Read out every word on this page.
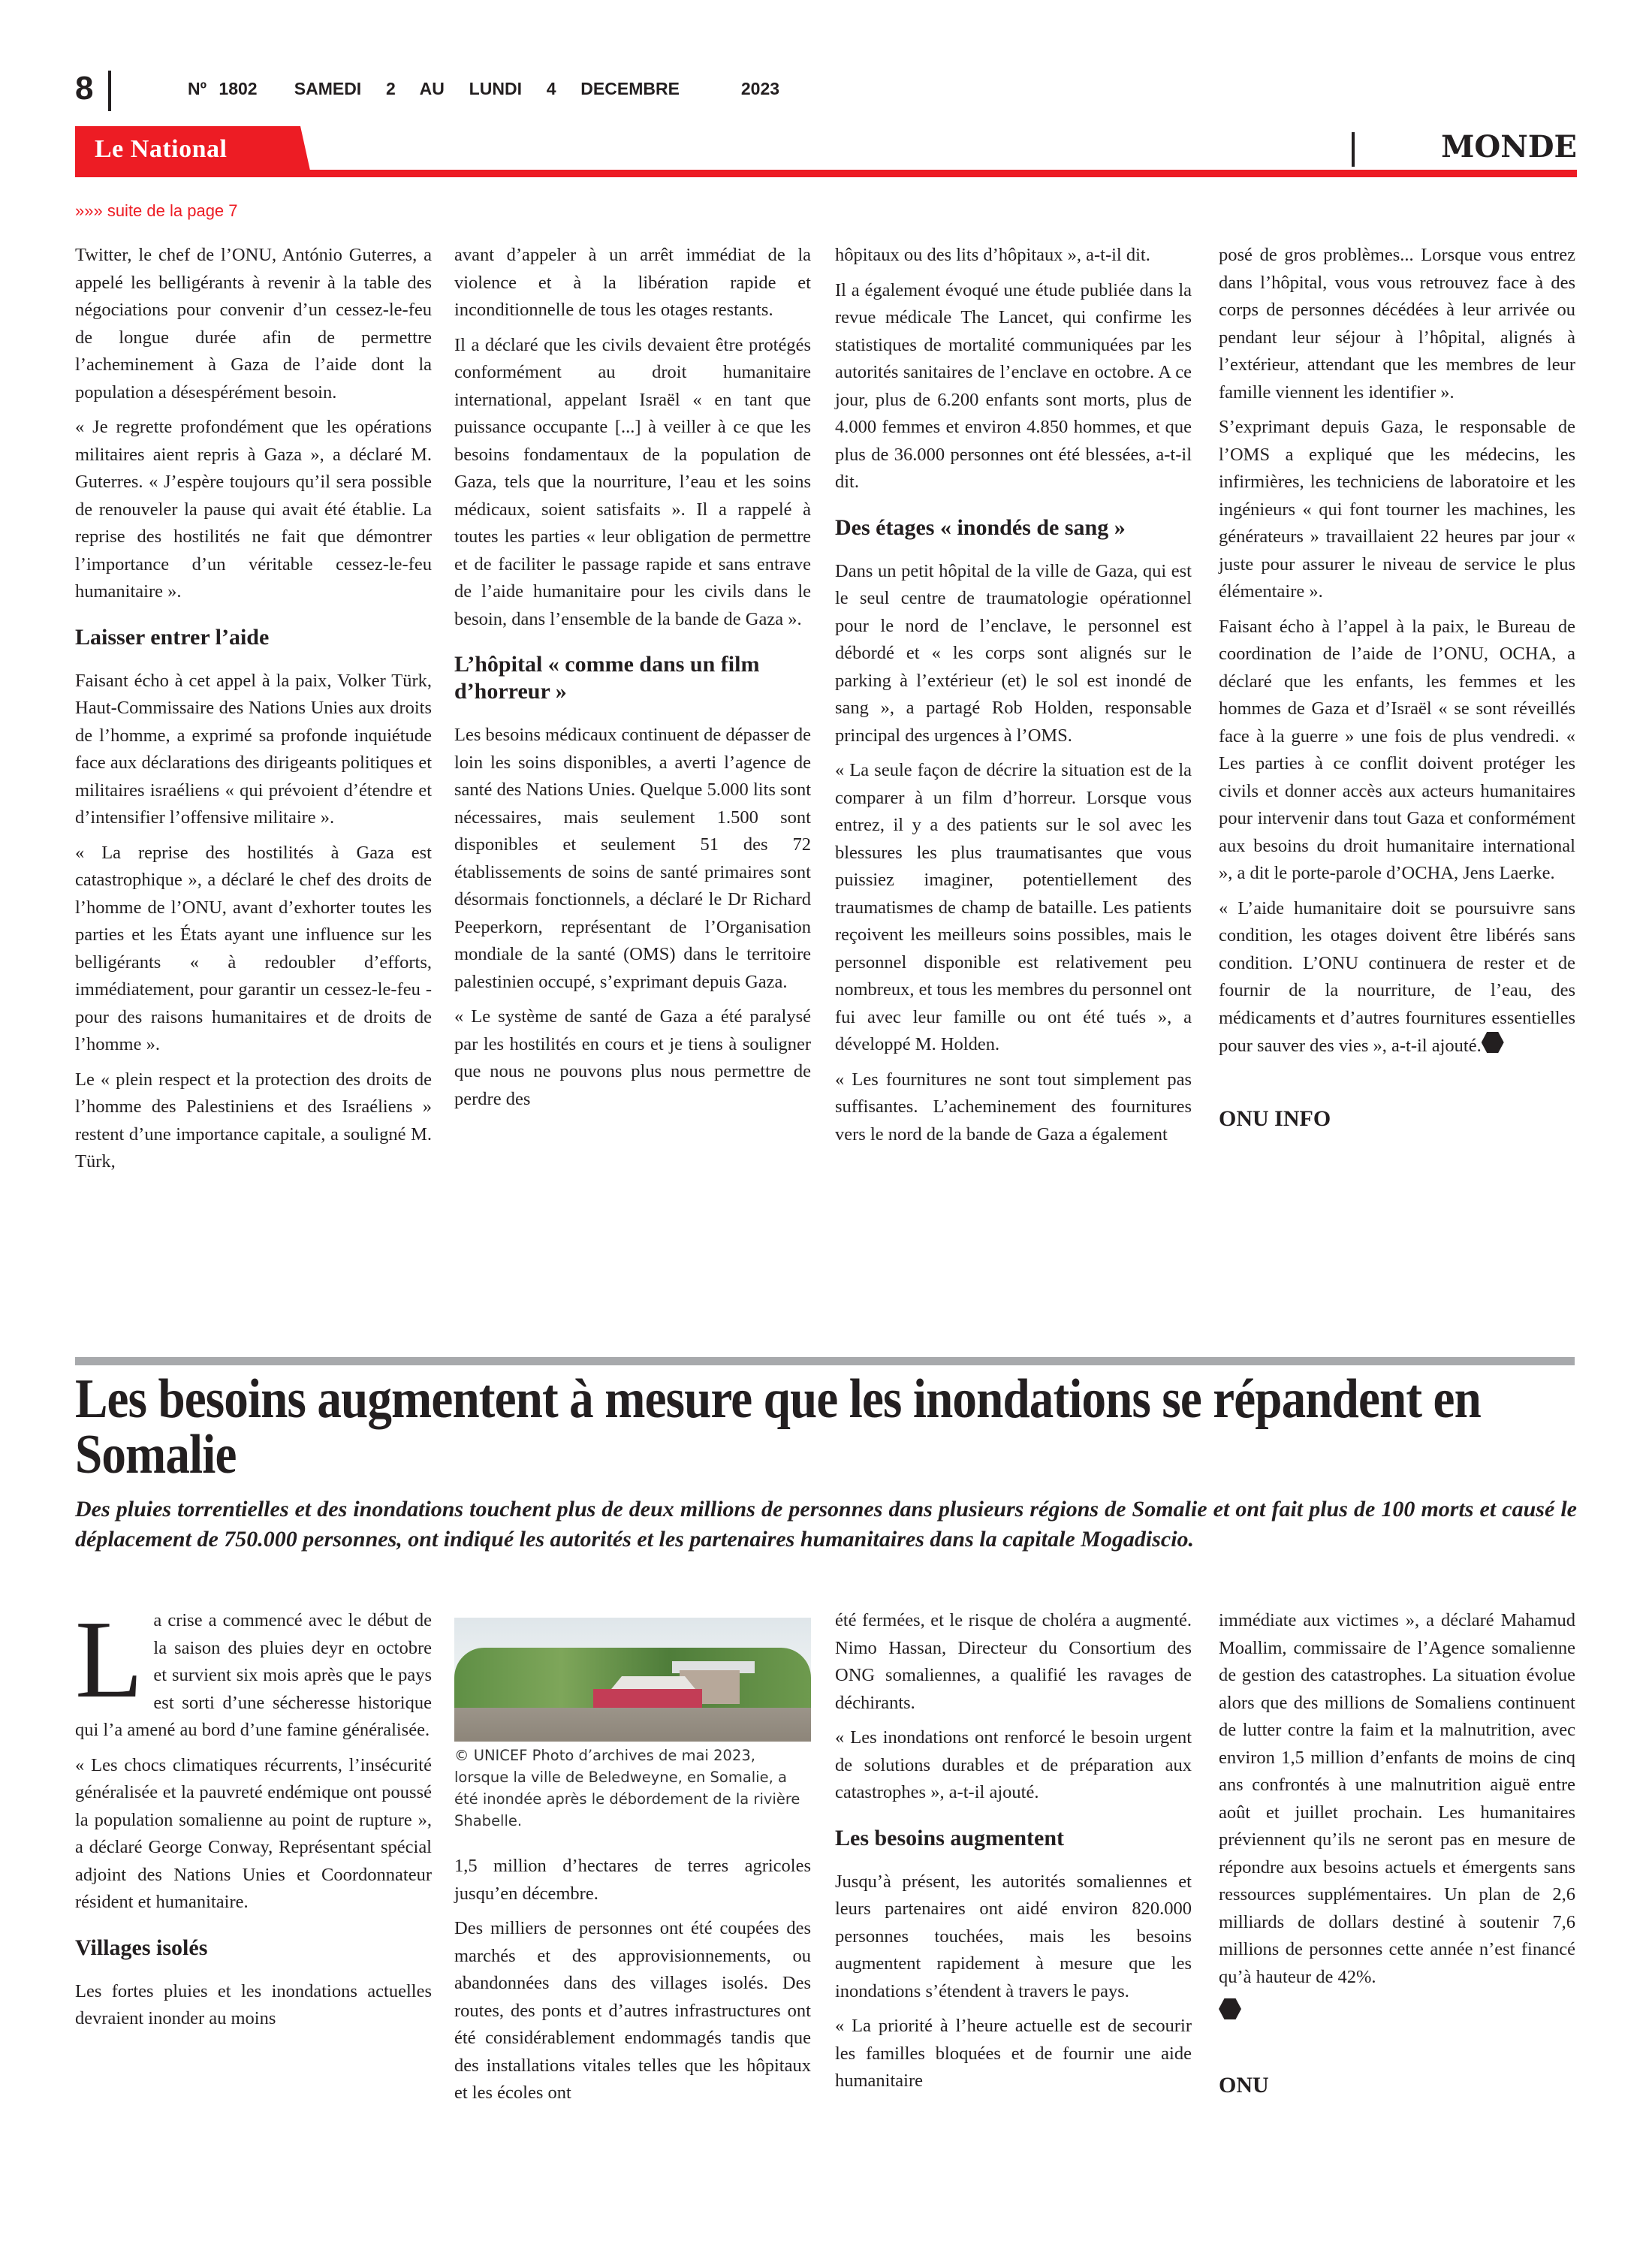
8	Nº 1802   SAMEDI  2  AU  LUNDI  4  DECEMBRE     2023
Le National	MONDE
»»» suite de la page 7

Twitter, le chef de l’ONU, António Guterres, a appelé les belligérants à revenir à la table des négociations pour convenir d’un cessez-le-feu de longue durée afin de permettre l’acheminement à Gaza de l’aide dont la population a désespérément besoin.

« Je regrette profondément que les opérations militaires aient repris à Gaza », a déclaré M. Guterres. « J’espère toujours qu’il sera possible de renouveler la pause qui avait été établie. La reprise des hostilités ne fait que démontrer l’importance d’un véritable cessez-le-feu humanitaire ».

Laisser entrer l’aide

Faisant écho à cet appel à la paix, Volker Türk, Haut-Commissaire des Nations Unies aux droits de l’homme, a exprimé sa profonde inquiétude face aux déclarations des dirigeants politiques et militaires israéliens « qui prévoient d’étendre et d’intensifier l’offensive militaire ».

« La reprise des hostilités à Gaza est catastrophique », a déclaré le chef des droits de l’homme de l’ONU, avant d’exhorter toutes les parties et les États ayant une influence sur les belligérants « à redoubler d’efforts, immédiatement, pour garantir un cessez-le-feu - pour des raisons humanitaires et de droits de l’homme ».

Le « plein respect et la protection des droits de l’homme des Palestiniens et des Israéliens » restent d’une importance capitale, a souligné M. Türk,

avant d’appeler à un arrêt immédiat de la violence et à la libération rapide et inconditionnelle de tous les otages restants.

Il a déclaré que les civils devaient être protégés conformément au droit humanitaire international, appelant Israël « en tant que puissance occupante [...] à veiller à ce que les besoins fondamentaux de la population de Gaza, tels que la nourriture, l’eau et les soins médicaux, soient satisfaits ». Il a rappelé à toutes les parties « leur obligation de permettre et de faciliter le passage rapide et sans entrave de l’aide humanitaire pour les civils dans le besoin, dans l’ensemble de la bande de Gaza ».

L’hôpital « comme dans un film d’horreur »

Les besoins médicaux continuent de dépasser de loin les soins disponibles, a averti l’agence de santé des Nations Unies. Quelque 5.000 lits sont nécessaires, mais seulement 1.500 sont disponibles et seulement 51 des 72 établissements de soins de santé primaires sont désormais fonctionnels, a déclaré le Dr Richard Peeperkorn, représentant de l’Organisation mondiale de la santé (OMS) dans le territoire palestinien occupé, s’exprimant depuis Gaza.

« Le système de santé de Gaza a été paralysé par les hostilités en cours et je tiens à souligner que nous ne pouvons plus nous permettre de perdre des

hôpitaux ou des lits d’hôpitaux », a-t-il dit.

Il a également évoqué une étude publiée dans la revue médicale The Lancet, qui confirme les statistiques de mortalité communiquées par les autorités sanitaires de l’enclave en octobre. A ce jour, plus de 6.200 enfants sont morts, plus de 4.000 femmes et environ 4.850 hommes, et que plus de 36.000 personnes ont été blessées, a-t-il dit.

Des étages « inondés de sang »

Dans un petit hôpital de la ville de Gaza, qui est le seul centre de traumatologie opérationnel pour le nord de l’enclave, le personnel est débordé et « les corps sont alignés sur le parking à l’extérieur (et) le sol est inondé de sang », a partagé Rob Holden, responsable principal des urgences à l’OMS.

« La seule façon de décrire la situation est de la comparer à un film d’horreur. Lorsque vous entrez, il y a des patients sur le sol avec les blessures les plus traumatisantes que vous puissiez imaginer, potentiellement des traumatismes de champ de bataille. Les patients reçoivent les meilleurs soins possibles, mais le personnel disponible est relativement peu nombreux, et tous les membres du personnel ont fui avec leur famille ou ont été tués », a développé M. Holden.

« Les fournitures ne sont tout simplement pas suffisantes. L’acheminement des fournitures vers le nord de la bande de Gaza a également

posé de gros problèmes... Lorsque vous entrez dans l’hôpital, vous vous retrouvez face à des corps de personnes décédées à leur arrivée ou pendant leur séjour à l’hôpital, alignés à l’extérieur, attendant que les membres de leur famille viennent les identifier ».

S’exprimant depuis Gaza, le responsable de l’OMS a expliqué que les médecins, les infirmières, les techniciens de laboratoire et les ingénieurs « qui font tourner les machines, les générateurs » travaillaient 22 heures par jour « juste pour assurer le niveau de service le plus élémentaire ».

Faisant écho à l’appel à la paix, le Bureau de coordination de l’aide de l’ONU, OCHA, a déclaré que les enfants, les femmes et les hommes de Gaza et d’Israël « se sont réveillés face à la guerre » une fois de plus vendredi. « Les parties à ce conflit doivent protéger les civils et donner accès aux acteurs humanitaires pour intervenir dans tout Gaza et conformément aux besoins du droit humanitaire international », a dit le porte-parole d’OCHA, Jens Laerke.

« L’aide humanitaire doit se poursuivre sans condition, les otages doivent être libérés sans condition. L’ONU continuera de rester et de fournir de la nourriture, de l’eau, des médicaments et d’autres fournitures essentielles pour sauver des vies », a-t-il ajouté.

ONU INFO
Les besoins augmentent à mesure que les inondations se répandent en Somalie
Des pluies torrentielles et des inondations touchent plus de deux millions de personnes dans plusieurs régions de Somalie et ont fait plus de 100 morts et causé le déplacement de 750.000 personnes, ont indiqué les autorités et les partenaires humanitaires dans la capitale Mogadiscio.

La crise a commencé avec le début de la saison des pluies deyr en octobre et survient six mois après que le pays est sorti d’une sécheresse historique qui l’a amené au bord d’une famine généralisée.

« Les chocs climatiques récurrents, l’insécurité généralisée et la pauvreté endémique ont poussé la population somalienne au point de rupture », a déclaré George Conway, Représentant spécial adjoint des Nations Unies et Coordonnateur résident et humanitaire.

Villages isolés

Les fortes pluies et les inondations actuelles devraient inonder au moins

© UNICEF Photo d’archives de mai 2023, lorsque la ville de Beledweyne, en Somalie, a été inondée après le débordement de la rivière Shabelle.

1,5 million d’hectares de terres agricoles jusqu’en décembre.

Des milliers de personnes ont été coupées des marchés et des approvisionnements, ou abandonnées dans des villages isolés. Des routes, des ponts et d’autres infrastructures ont été considérablement endommagés tandis que des installations vitales telles que les hôpitaux et les écoles ont

été fermées, et le risque de choléra a augmenté. Nimo Hassan, Directeur du Consortium des ONG somaliennes, a qualifié les ravages de déchirants.

« Les inondations ont renforcé le besoin urgent de solutions durables et de préparation aux catastrophes », a-t-il ajouté.

Les besoins augmentent

Jusqu’à présent, les autorités somaliennes et leurs partenaires ont aidé environ 820.000 personnes touchées, mais les besoins augmentent rapidement à mesure que les inondations s’étendent à travers le pays.

« La priorité à l’heure actuelle est de secourir les familles bloquées et de fournir une aide humanitaire

immédiate aux victimes », a déclaré Mahamud Moallim, commissaire de l’Agence somalienne de gestion des catastrophes. La situation évolue alors que des millions de Somaliens continuent de lutter contre la faim et la malnutrition, avec environ 1,5 million d’enfants de moins de cinq ans confrontés à une malnutrition aiguë entre août et juillet prochain. Les humanitaires préviennent qu’ils ne seront pas en mesure de répondre aux besoins actuels et émergents sans ressources supplémentaires. Un plan de 2,6 milliards de dollars destiné à soutenir 7,6 millions de personnes cette année n’est financé qu’à hauteur de 42%.

ONU
